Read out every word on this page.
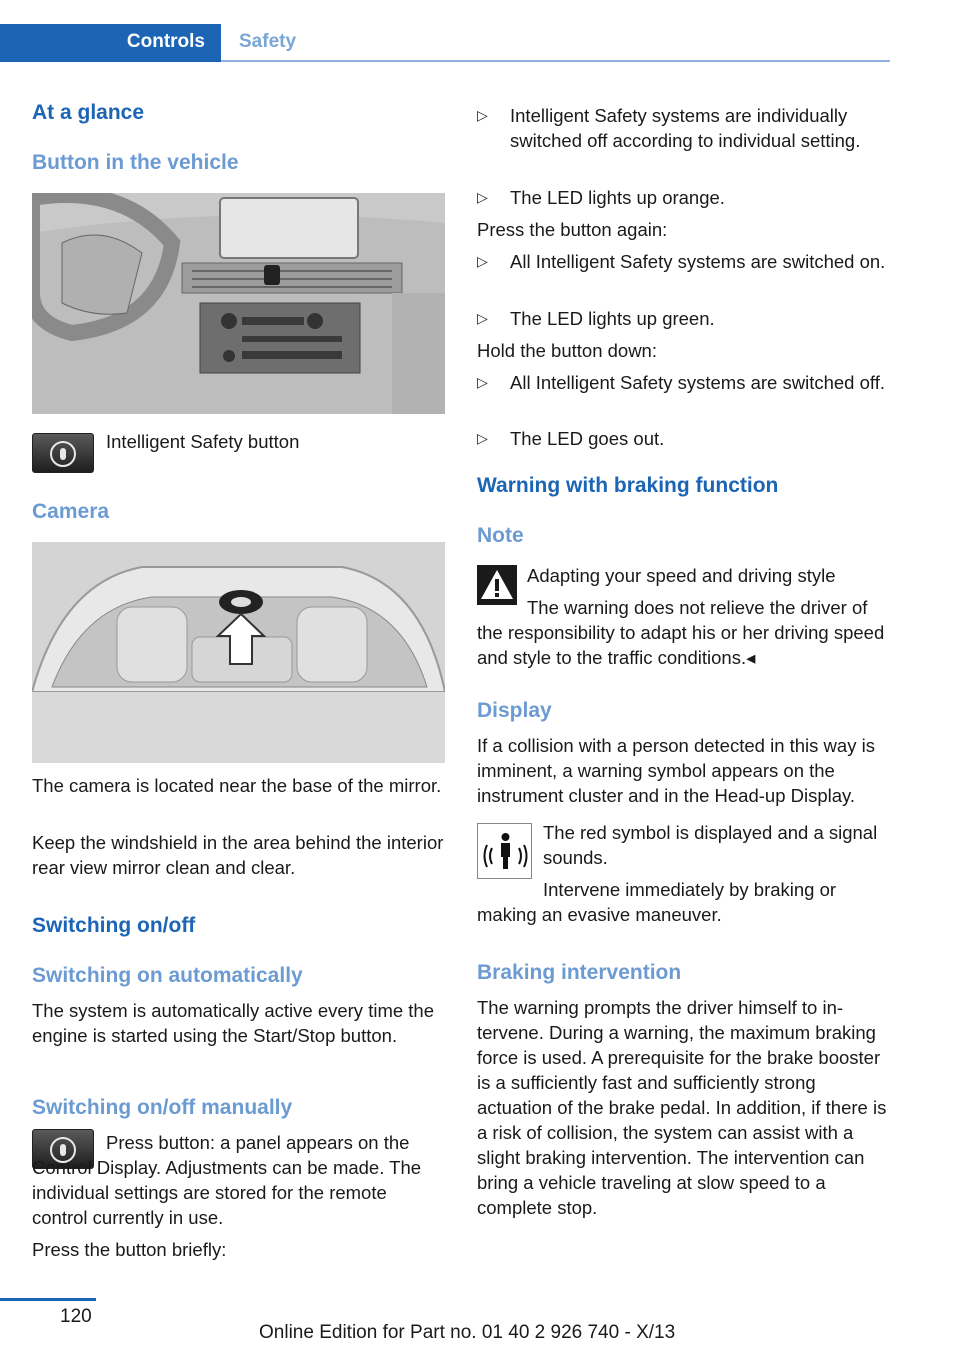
Controls	Safety
At a glance
Button in the vehicle
Intelligent Safety button
Camera
The camera is located near the base of the mirror.
Keep the windshield in the area behind the interior rear view mirror clean and clear.
Switching on/off
Switching on automatically
The system is automatically active every time the engine is started using the Start/Stop button.
Switching on/off manually
Press button: a panel appears on the Control Display. Adjustments can be made. The individual settings are stored for the remote control currently in use.
Press the button briefly:
▷ Intelligent Safety systems are individually switched off according to individual setting.
▷ The LED lights up orange.
Press the button again:
▷ All Intelligent Safety systems are switched on.
▷ The LED lights up green.
Hold the button down:
▷ All Intelligent Safety systems are switched off.
▷ The LED goes out.
Warning with braking function
Note
Adapting your speed and driving style
The warning does not relieve the driver of the responsibility to adapt his or her driving speed and style to the traffic conditions.◂
Display
If a collision with a person detected in this way is imminent, a warning symbol appears on the instrument cluster and in the Head-up Display.
The red symbol is displayed and a signal sounds.
Intervene immediately by braking or making an evasive maneuver.
Braking intervention
The warning prompts the driver himself to intervene. During a warning, the maximum braking force is used. A prerequisite for the brake booster is a sufficiently fast and sufficiently strong actuation of the brake pedal. In addition, if there is a risk of collision, the system can assist with a slight braking intervention. The intervention can bring a vehicle traveling at slow speed to a complete stop.
120
Online Edition for Part no. 01 40 2 926 740 - X/13
